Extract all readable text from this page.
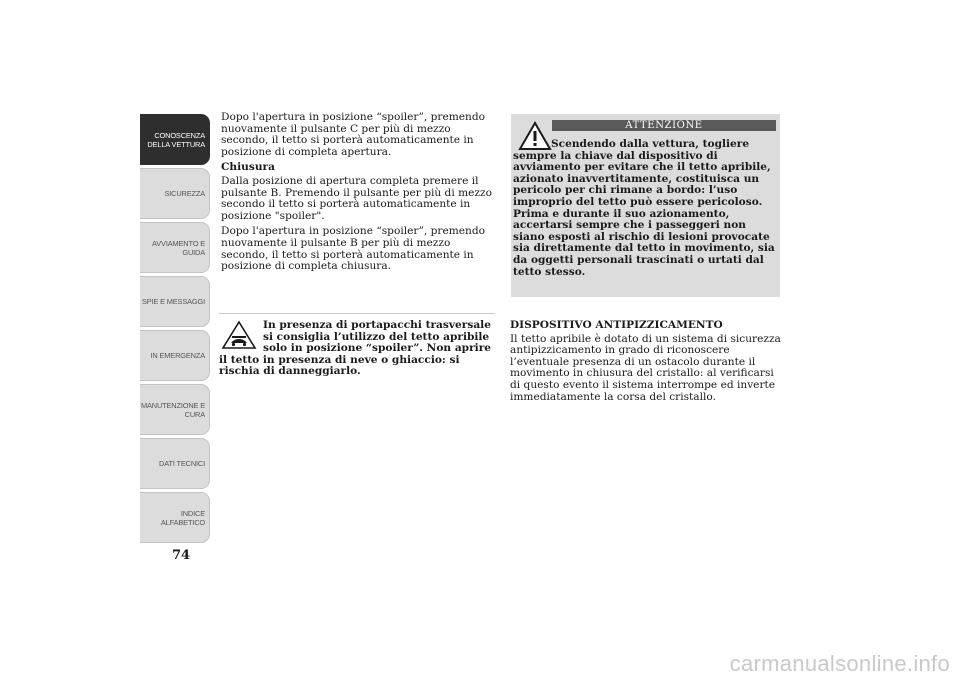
CONOSCENZA
DELLA VETTURA
SICUREZZA
AVVIAMENTO E
GUIDA
SPIE E MESSAGGI
IN EMERGENZA
MANUTENZIONE E
CURA
DATI TECNICI
INDICE
ALFABETICO
74

Dopo l'apertura in posizione “spoiler”, premendo nuovamente il pulsante C per più di mezzo secondo, il tetto si porterà automaticamente in posizione di completa apertura.

Chiusura

Dalla posizione di apertura completa premere il pulsante B. Premendo il pulsante per più di mezzo secondo il tetto si porterà automaticamente in posizione "spoiler".

Dopo l'apertura in posizione “spoiler”, premendo nuovamente il pulsante B per più di mezzo secondo, il tetto si porterà automaticamente in posizione di completa chiusura.

In presenza di portapacchi trasversale si consiglia l’utilizzo del tetto apribile solo in posizione “spoiler”. Non aprire il tetto in presenza di neve o ghiaccio: si rischia di danneggiarlo.
ATTENZIONE
Scendendo dalla vettura, togliere sempre la chiave dal dispositivo di avviamento per evitare che il tetto apribile, azionato inavvertitamente, costituisca un pericolo per chi rimane a bordo: l’uso improprio del tetto può essere pericoloso. Prima e durante il suo azionamento, accertarsi sempre che i passeggeri non siano esposti al rischio di lesioni provocate sia direttamente dal tetto in movimento, sia da oggetti personali trascinati o urtati dal tetto stesso.
DISPOSITIVO ANTIPIZZICAMENTO

Il tetto apribile è dotato di un sistema di sicurezza antipizzicamento in grado di riconoscere l’eventuale presenza di un ostacolo durante il movimento in chiusura del cristallo: al verificarsi di questo evento il sistema interrompe ed inverte immediatamente la corsa del cristallo.

carmanualsonline.info
